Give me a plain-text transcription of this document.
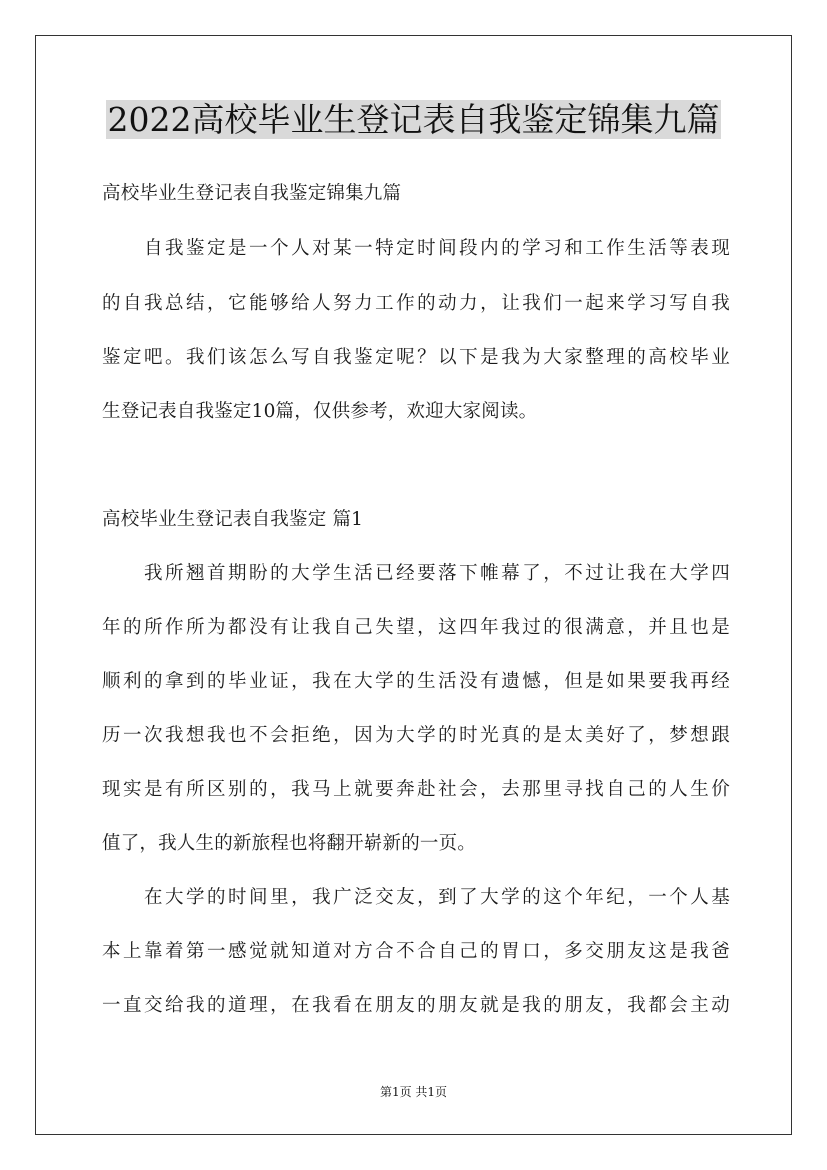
2022高校毕业生登记表自我鉴定锦集九篇
高校毕业生登记表自我鉴定锦集九篇
自我鉴定是一个人对某一特定时间段内的学习和工作生活等表现
的自我总结，它能够给人努力工作的动力，让我们一起来学习写自我
鉴定吧。我们该怎么写自我鉴定呢？以下是我为大家整理的高校毕业
生登记表自我鉴定10篇，仅供参考，欢迎大家阅读。
高校毕业生登记表自我鉴定 篇1
我所翘首期盼的大学生活已经要落下帷幕了，不过让我在大学四
年的所作所为都没有让我自己失望，这四年我过的很满意，并且也是
顺利的拿到的毕业证，我在大学的生活没有遗憾，但是如果要我再经
历一次我想我也不会拒绝，因为大学的时光真的是太美好了，梦想跟
现实是有所区别的，我马上就要奔赴社会，去那里寻找自己的人生价
值了，我人生的新旅程也将翻开崭新的一页。
在大学的时间里，我广泛交友，到了大学的这个年纪，一个人基
本上靠着第一感觉就知道对方合不合自己的胃口，多交朋友这是我爸
一直交给我的道理，在我看在朋友的朋友就是我的朋友，我都会主动
第1页 共1页
